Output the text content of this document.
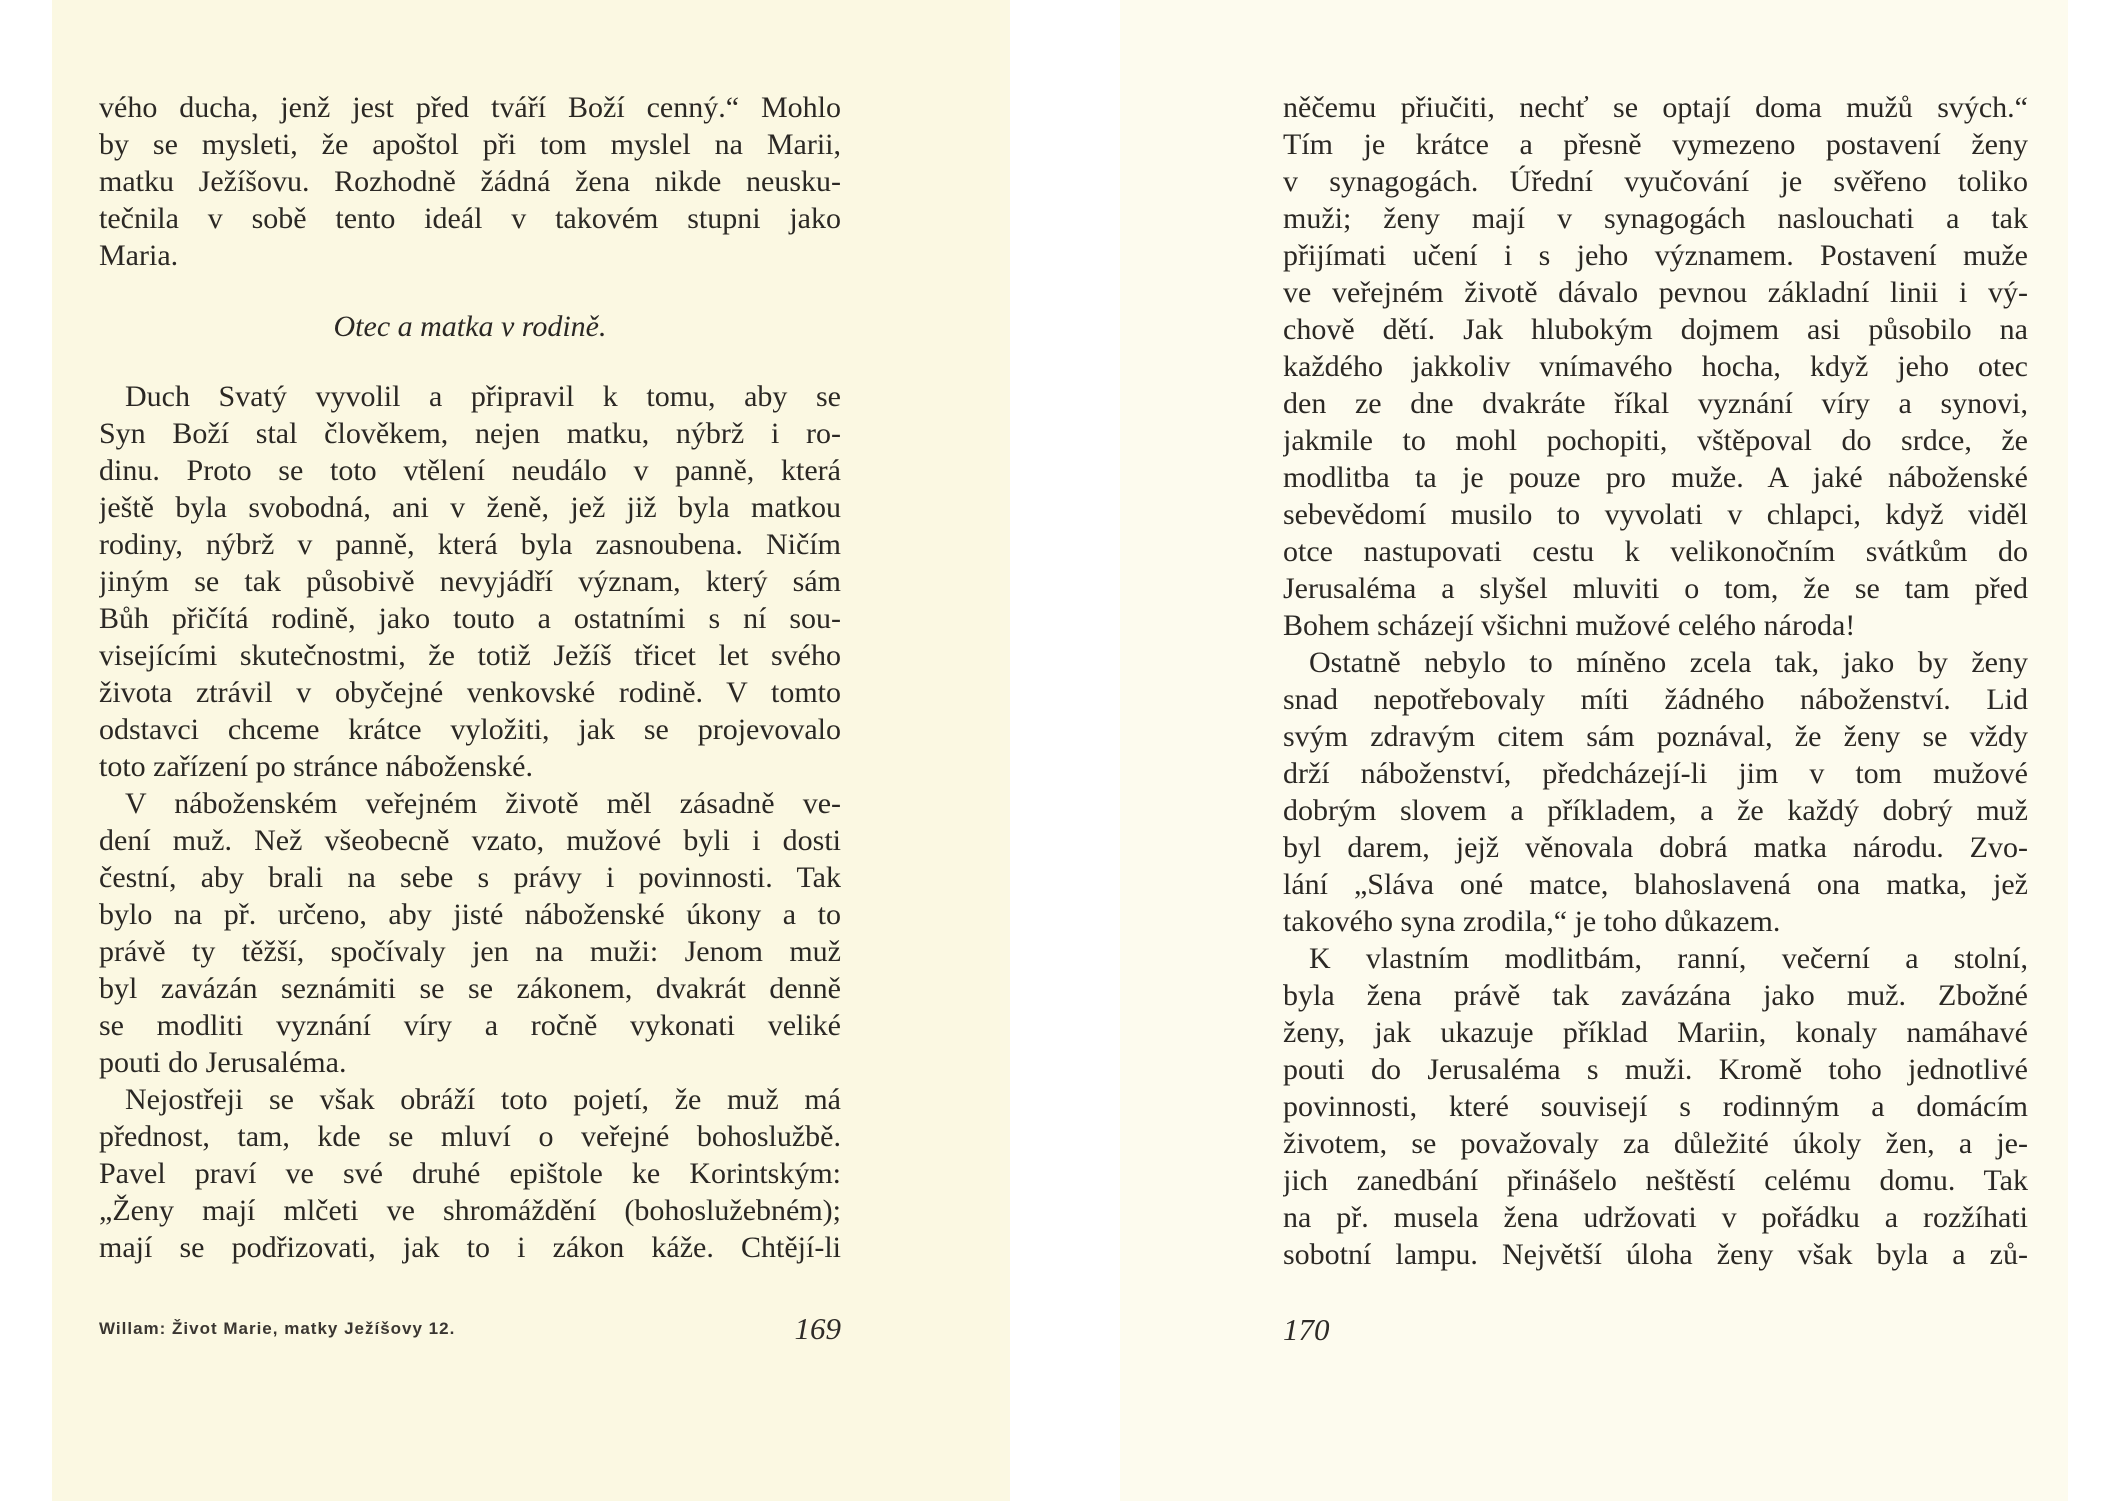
vého ducha, jenž jest před tváří Boží cenný.“ Mohlo
by se mysleti, že apoštol při tom myslel na Marii,
matku Ježíšovu. Rozhodně žádná žena nikde neusku-
tečnila v sobě tento ideál v takovém stupni jako
Maria.
Otec a matka v rodině.
Duch Svatý vyvolil a připravil k tomu, aby se
Syn Boží stal člověkem, nejen matku, nýbrž i ro-
dinu. Proto se toto vtělení neudálo v panně, která
ještě byla svobodná, ani v ženě, jež již byla matkou
rodiny, nýbrž v panně, která byla zasnoubena. Ničím
jiným se tak působivě nevyjádří význam, který sám
Bůh přičítá rodině, jako touto a ostatními s ní sou-
visejícími skutečnostmi, že totiž Ježíš třicet let svého
života ztrávil v obyčejné venkovské rodině. V tomto
odstavci chceme krátce vyložiti, jak se projevovalo
toto zařízení po stránce náboženské.
V náboženském veřejném životě měl zásadně ve-
dení muž. Než všeobecně vzato, mužové byli i dosti
čestní, aby brali na sebe s právy i povinnosti. Tak
bylo na př. určeno, aby jisté náboženské úkony a to
právě ty těžší, spočívaly jen na muži: Jenom muž
byl zavázán seznámiti se se zákonem, dvakrát denně
se modliti vyznání víry a ročně vykonati veliké
pouti do Jerusaléma.
Nejostřeji se však obráží toto pojetí, že muž má
přednost, tam, kde se mluví o veřejné bohoslužbě.
Pavel praví ve své druhé epištole ke Korintským:
„Ženy mají mlčeti ve shromáždění (bohoslužebném);
mají se podřizovati, jak to i zákon káže. Chtějí-li
Willam: Život Marie, matky Ježíšovy 12.	169
něčemu přiučiti, nechť se optají doma mužů svých.“
Tím je krátce a přesně vymezeno postavení ženy
v synagogách. Úřední vyučování je svěřeno toliko
muži; ženy mají v synagogách naslouchati a tak
přijímati učení i s jeho významem. Postavení muže
ve veřejném životě dávalo pevnou základní linii i vý-
chově dětí. Jak hlubokým dojmem asi působilo na
každého jakkoliv vnímavého hocha, když jeho otec
den ze dne dvakráte říkal vyznání víry a synovi,
jakmile to mohl pochopiti, vštěpoval do srdce, že
modlitba ta je pouze pro muže. A jaké náboženské
sebevědomí musilo to vyvolati v chlapci, když viděl
otce nastupovati cestu k velikonočním svátkům do
Jerusaléma a slyšel mluviti o tom, že se tam před
Bohem scházejí všichni mužové celého národa!
Ostatně nebylo to míněno zcela tak, jako by ženy
snad nepotřebovaly míti žádného náboženství. Lid
svým zdravým citem sám poznával, že ženy se vždy
drží náboženství, předcházejí-li jim v tom mužové
dobrým slovem a příkladem, a že každý dobrý muž
byl darem, jejž věnovala dobrá matka národu. Zvo-
lání „Sláva oné matce, blahoslavená ona matka, jež
takového syna zrodila,“ je toho důkazem.
K vlastním modlitbám, ranní, večerní a stolní,
byla žena právě tak zavázána jako muž. Zbožné
ženy, jak ukazuje příklad Mariin, konaly namáhavé
pouti do Jerusaléma s muži. Kromě toho jednotlivé
povinnosti, které souvisejí s rodinným a domácím
životem, se považovaly za důležité úkoly žen, a je-
jich zanedbání přinášelo neštěstí celému domu. Tak
na př. musela žena udržovati v pořádku a rozžíhati
sobotní lampu. Největší úloha ženy však byla a zů-
170
